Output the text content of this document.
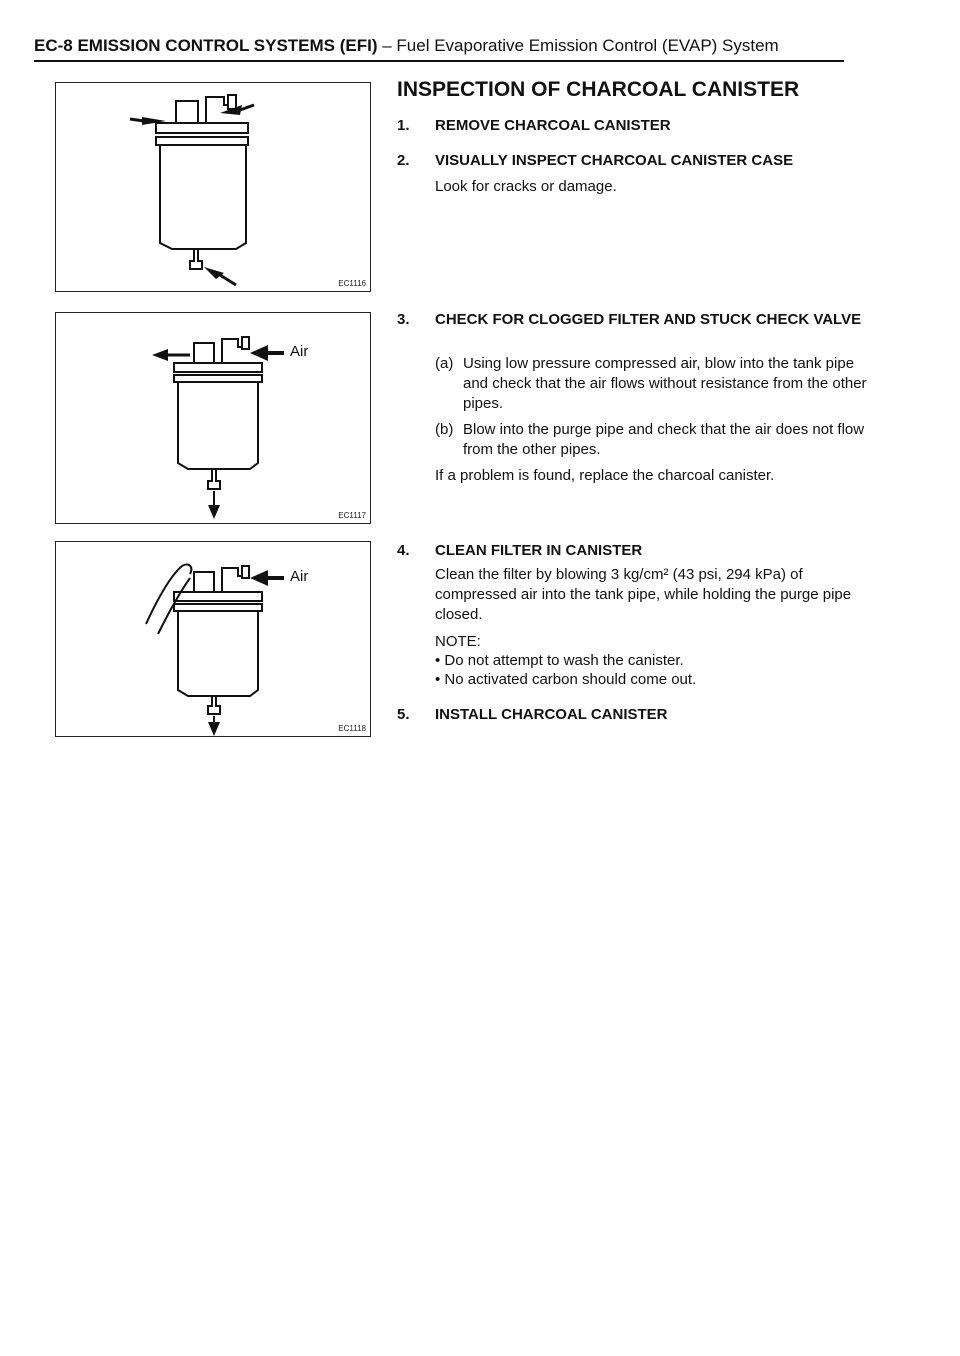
EC-8 EMISSION CONTROL SYSTEMS (EFI) – Fuel Evaporative Emission Control (EVAP) System
EC1116
Air
EC1117
Air
EC1118
INSPECTION OF CHARCOAL CANISTER
1. REMOVE CHARCOAL CANISTER
2. VISUALLY INSPECT CHARCOAL CANISTER CASE
Look for cracks or damage.
3. CHECK FOR CLOGGED FILTER AND STUCK CHECK VALVE
(a) Using low pressure compressed air, blow into the tank pipe and check that the air flows without resistance from the other pipes.
(b) Blow into the purge pipe and check that the air does not flow from the other pipes.
If a problem is found, replace the charcoal canister.
4. CLEAN FILTER IN CANISTER
Clean the filter by blowing 3 kg/cm² (43 psi, 294 kPa) of compressed air into the tank pipe, while holding the purge pipe closed.
NOTE:
• Do not attempt to wash the canister.
• No activated carbon should come out.
5. INSTALL CHARCOAL CANISTER
